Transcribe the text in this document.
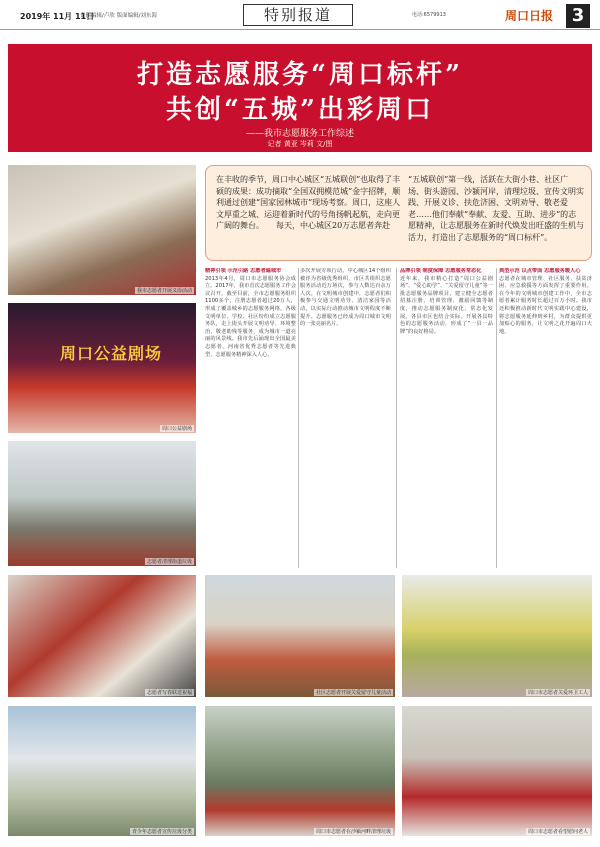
2019年 11月 11日
责任编辑/卢欣 版面编辑/刘东海	特别报道	电话:6579913	周口日报	3
打造志愿服务“周口标杆”
共创“五城”出彩周口
——我市志愿服务工作综述
记者 黄亚 岑莉 文/图
我市志愿者开展义诊活动
周口公益剧场
周口公益剧场
志愿者清理街道垃圾
在丰收的季节，周口中心城区“五城联创”也取得了丰硕的成果：成功摘取“全国双拥模范城”金字招牌，顺利通过创建“国家园林城市”现场考察。周口，这座人文厚重之城、运迎着新时代的号角扬帆起航，走向更广阔的舞台。　　每天，中心城区20万志愿者奔赴
“五城联创”第一线，活跃在大街小巷、社区广场、街头游园、沙颍河岸，清理垃圾、宣传文明实践、开展义诊、扶危济困、文明劝导、敬老爱老……他们奉献“奉献、友爱、互助、进步”的志愿精神，让志愿服务在新时代焕发出旺盛的生机与活力，打造出了志愿服务的“周口标杆”。
精神引领 示范引路 志愿者遍城市
2013年4月，周口市志愿服务协会成立。2017年，我市首次志愿服务工作会议召开。截至目前，全市志愿服务组织1100多个，注册志愿者超过20万人，形成了覆盖城乡的志愿服务网络。各级文明单位、学校、社区纷纷成立志愿服务队，走上街头开展文明劝导、环境整治、敬老助残等服务，成为城市一道亮丽的风景线。我市先后涌现出全国最美志愿者、河南省优秀志愿者等先进典型，志愿服务精神深入人心。
多次开展专项行动。中心城区14个组织被评为省级优秀组织，市区共组织志愿服务活动近万场次，参与人数达百余万人次。在文明城市创建中，志愿者们积极参与交通文明劝导、清洁家园等活动，以实际行动推动城市文明程度不断提升。志愿服务已经成为周口城市文明的一张亮丽名片。
品牌引领 制度保障 志愿服务常态化
近年来，我市精心打造“周口公益剧场”、“爱心助学”、“关爱留守儿童”等一批志愿服务品牌项目，建立健全志愿者招募注册、培训管理、激励回馈等制度，推动志愿服务制度化、常态化发展。各县市区也结合实际，开展各具特色的志愿服务活动，形成了“一县一品牌”的良好格局。
典型示范 以点带面 志愿服务暖人心
志愿者在城市管理、社区服务、扶贫济困、应急救援等方面发挥了重要作用。在今年的文明城市创建工作中，全市志愿者累计服务时长超过百万小时。我市还积极推动新时代文明实践中心建设，将志愿服务延伸到乡村，为群众提供更加贴心的服务，让文明之花开遍周口大地。
志愿者写春联送祝福	社区志愿者开展关爱留守儿童活动	周口市志愿者关爱环卫工人
青少年志愿者宣传垃圾分类	周口市志愿者在沙颍河畔清理垃圾	周口市志愿者看望慰问老人
